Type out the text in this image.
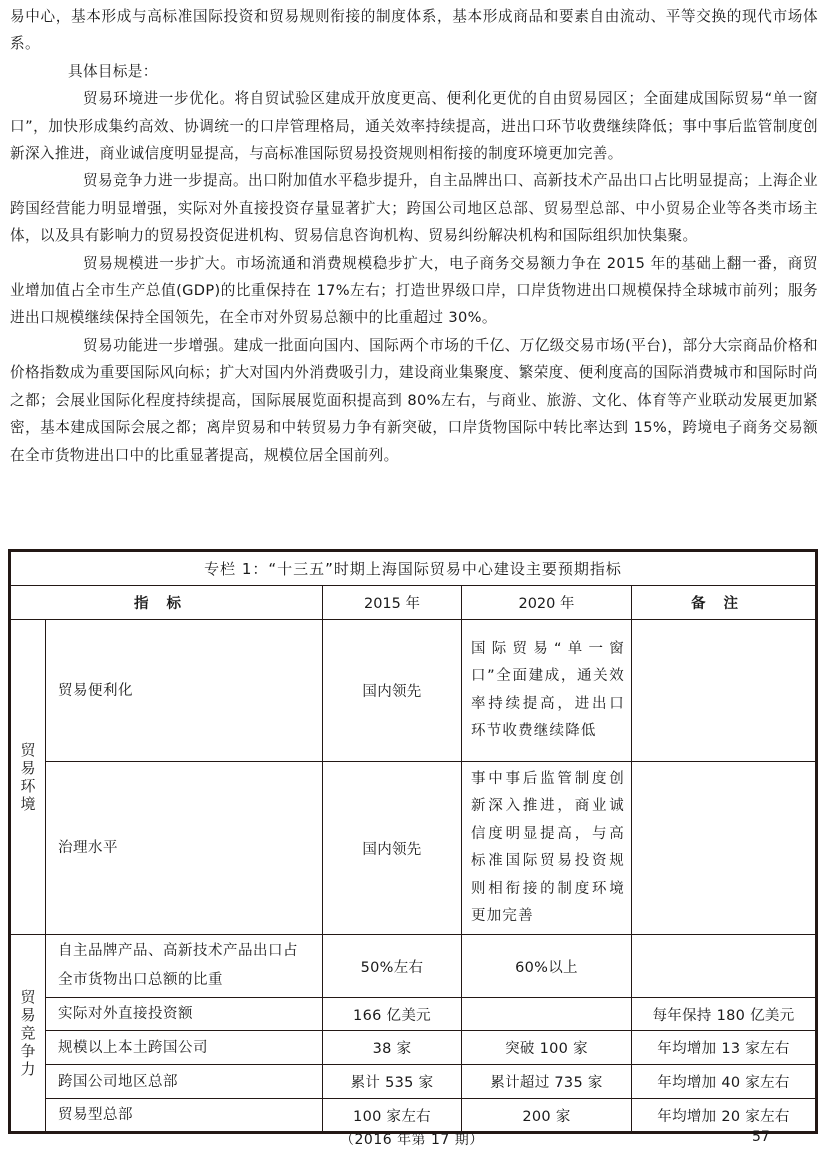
易中心，基本形成与高标准国际投资和贸易规则衔接的制度体系，基本形成商品和要素自由流动、平等交换的现代市场体系。

具体目标是：

贸易环境进一步优化。将自贸试验区建成开放度更高、便利化更优的自由贸易园区；全面建成国际贸易“单一窗口”，加快形成集约高效、协调统一的口岸管理格局，通关效率持续提高，进出口环节收费继续降低；事中事后监管制度创新深入推进，商业诚信度明显提高，与高标准国际贸易投资规则相衔接的制度环境更加完善。

贸易竞争力进一步提高。出口附加值水平稳步提升，自主品牌出口、高新技术产品出口占比明显提高；上海企业跨国经营能力明显增强，实际对外直接投资存量显著扩大；跨国公司地区总部、贸易型总部、中小贸易企业等各类市场主体，以及具有影响力的贸易投资促进机构、贸易信息咨询机构、贸易纠纷解决机构和国际组织加快集聚。

贸易规模进一步扩大。市场流通和消费规模稳步扩大，电子商务交易额力争在 2015 年的基础上翻一番，商贸业增加值占全市生产总值(GDP)的比重保持在 17%左右；打造世界级口岸，口岸货物进出口规模保持全球城市前列；服务进出口规模继续保持全国领先，在全市对外贸易总额中的比重超过 30%。

贸易功能进一步增强。建成一批面向国内、国际两个市场的千亿、万亿级交易市场(平台)，部分大宗商品价格和价格指数成为重要国际风向标；扩大对国内外消费吸引力，建设商业集聚度、繁荣度、便利度高的国际消费城市和国际时尚之都；会展业国际化程度持续提高，国际展展览面积提高到 80%左右，与商业、旅游、文化、体育等产业联动发展更加紧密，基本建成国际会展之都；离岸贸易和中转贸易力争有新突破，口岸货物国际中转比率达到 15%，跨境电子商务交易额在全市货物进出口中的比重显著提高，规模位居全国前列。

专栏 1：“十三五”时期上海国际贸易中心建设主要预期指标				
指标		2015 年	2020 年	备注

贸易环境	贸易便利化	国内领先	国际贸易“单一窗口”全面建成，通关效率持续提高，进出口环节收费继续降低	
	治理水平	国内领先	事中事后监管制度创新深入推进，商业诚信度明显提高，与高标准国际贸易投资规则相衔接的制度环境更加完善	

贸易竞争力	自主品牌产品、高新技术产品出口占全市货物出口总额的比重	50%左右	60%以上	
	实际对外直接投资额	166 亿美元		每年保持 180 亿美元
	规模以上本土跨国公司	38 家	突破 100 家	年均增加 13 家左右
	跨国公司地区总部	累计 535 家	累计超过 735 家	年均增加 40 家左右
	贸易型总部	100 家左右	200 家	年均增加 20 家左右
（2016 年第 17 期）	57
